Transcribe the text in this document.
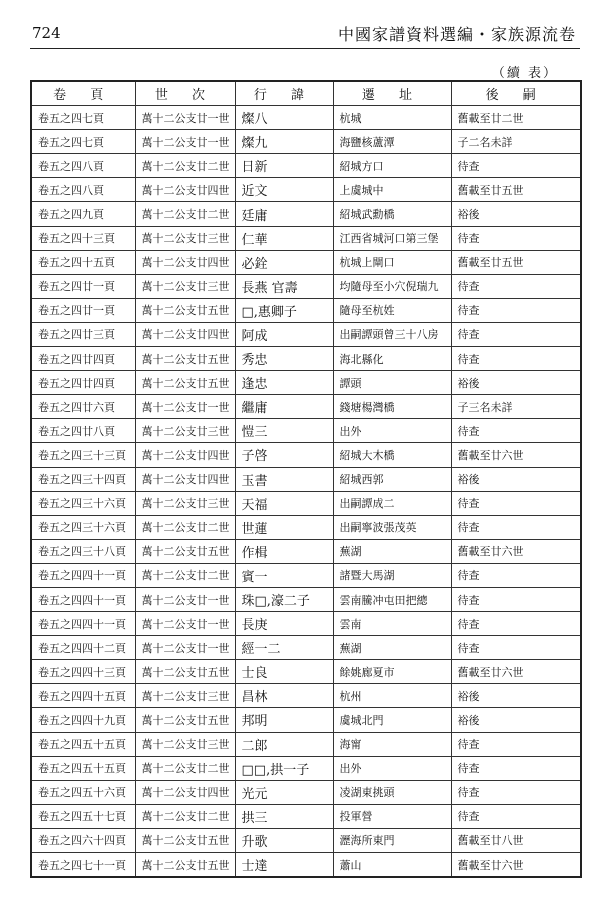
724	中國家譜資料選編・家族源流卷
（續 表）
卷 頁	世 次	行 諱	遷 址	後 嗣
卷五之四七頁	萬十二公支廿一世	燦八	杭城	舊載至廿二世
卷五之四七頁	萬十二公支廿一世	燦九	海鹽核蘆潭	子二名未詳
卷五之四八頁	萬十二公支廿二世	日新	紹城方口	待查
卷五之四八頁	萬十二公支廿四世	近文	上虞城中	舊載至廿五世
卷五之四九頁	萬十二公支廿二世	廷庸	紹城武勳橋	裕後
卷五之四十三頁	萬十二公支廿三世	仁華	江西省城河口第三堡	待查
卷五之四十五頁	萬十二公支廿四世	必銓	杭城上閘口	舊載至廿五世
卷五之四廿一頁	萬十二公支廿三世	長燕 官壽	均隨母至小穴倪瑞九	待查
卷五之四廿一頁	萬十二公支廿五世	□,惠卿子	隨母至杭姓	待查
卷五之四廿三頁	萬十二公支廿四世	阿成	出嗣譚頭曾三十八房	待查
卷五之四廿四頁	萬十二公支廿五世	秀忠	海北縣化	待查
卷五之四廿四頁	萬十二公支廿五世	逢忠	譚頭	裕後
卷五之四廿六頁	萬十二公支廿一世	繼庸	錢塘楊灣橋	子三名未詳
卷五之四廿八頁	萬十二公支廿三世	愷三	出外	待查
卷五之四三十三頁	萬十二公支廿四世	子啓	紹城大木橋	舊載至廿六世
卷五之四三十四頁	萬十二公支廿四世	玉書	紹城西郭	裕後
卷五之四三十六頁	萬十二公支廿三世	天福	出嗣譚成二	待查
卷五之四三十六頁	萬十二公支廿二世	世蓮	出嗣寧波張茂英	待查
卷五之四三十八頁	萬十二公支廿五世	作楫	蕪湖	舊載至廿六世
卷五之四四十一頁	萬十二公支廿二世	賓一	諸暨大馬湖	待查
卷五之四四十一頁	萬十二公支廿一世	珠□,濠二子	雲南騰冲屯田把總	待查
卷五之四四十一頁	萬十二公支廿一世	長庚	雲南	待查
卷五之四四十二頁	萬十二公支廿一世	經一二	蕪湖	待查
卷五之四四十三頁	萬十二公支廿五世	士良	餘姚廊夏市	舊載至廿六世
卷五之四四十五頁	萬十二公支廿三世	昌林	杭州	裕後
卷五之四四十九頁	萬十二公支廿五世	邦明	虞城北門	裕後
卷五之四五十五頁	萬十二公支廿三世	二郎	海甯	待查
卷五之四五十五頁	萬十二公支廿二世	□□,拱一子	出外	待查
卷五之四五十六頁	萬十二公支廿四世	光元	凌湖東挑頭	待查
卷五之四五十七頁	萬十二公支廿二世	拱三	投軍營	待查
卷五之四六十四頁	萬十二公支廿五世	升歌	瀝海所東門	舊載至廿八世
卷五之四七十一頁	萬十二公支廿五世	士達	蕭山	舊載至廿六世
